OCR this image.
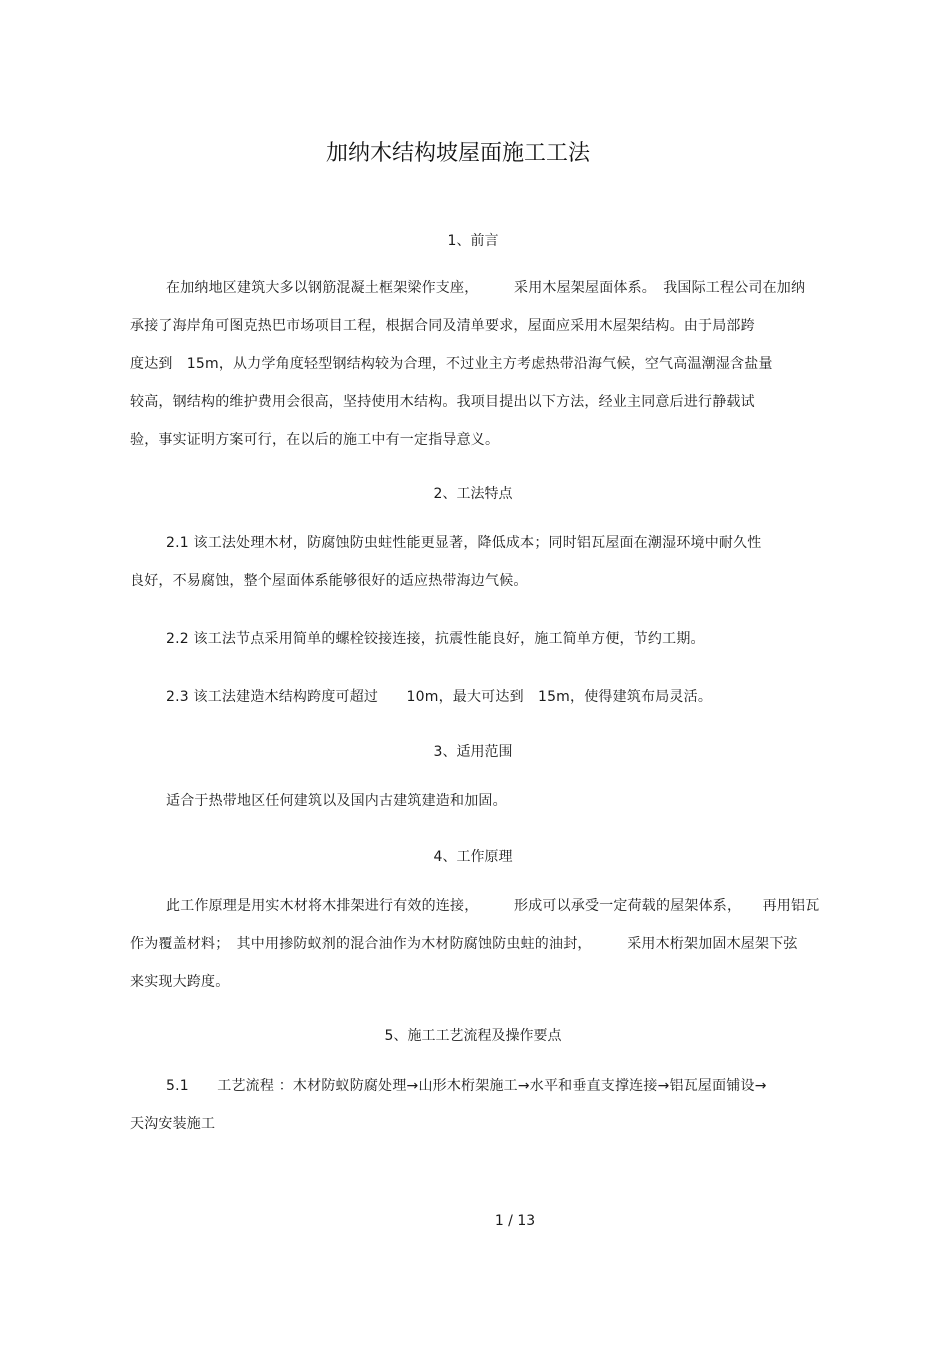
加纳木结构坡屋面施工工法
1、前言
在加纳地区建筑大多以钢筋混凝土框架梁作支座，　　　采用木屋架屋面体系。　我国际工程公司在加纳
承接了海岸角可图克热巴市场项目工程，根据合同及清单要求，屋面应采用木屋架结构。由于局部跨
度达到　15m，从力学角度轻型钢结构较为合理，不过业主方考虑热带沿海气候，空气高温潮湿含盐量
较高，钢结构的维护费用会很高，坚持使用木结构。我项目提出以下方法，经业主同意后进行静载试
验，事实证明方案可行，在以后的施工中有一定指导意义。
2、工法特点
2.1 该工法处理木材，防腐蚀防虫蛀性能更显著，降低成本；同时铝瓦屋面在潮湿环境中耐久性
良好，不易腐蚀，整个屋面体系能够很好的适应热带海边气候。
2.2 该工法节点采用简单的螺栓铰接连接，抗震性能良好，施工简单方便，节约工期。
2.3 该工法建造木结构跨度可超过　　10m，最大可达到　15m，使得建筑布局灵活。
3、适用范围
适合于热带地区任何建筑以及国内古建筑建造和加固。
4、工作原理
此工作原理是用实木材将木排架进行有效的连接，　　　形成可以承受一定荷载的屋架体系，　　再用铝瓦
作为覆盖材料；　其中用掺防蚁剂的混合油作为木材防腐蚀防虫蛀的油封，　　　采用木桁架加固木屋架下弦
来实现大跨度。
5、施工工艺流程及操作要点
5.1　　工艺流程 ：木材防蚁防腐处理→山形木桁架施工→水平和垂直支撑连接→铝瓦屋面铺设→
天沟安装施工
1 / 13
